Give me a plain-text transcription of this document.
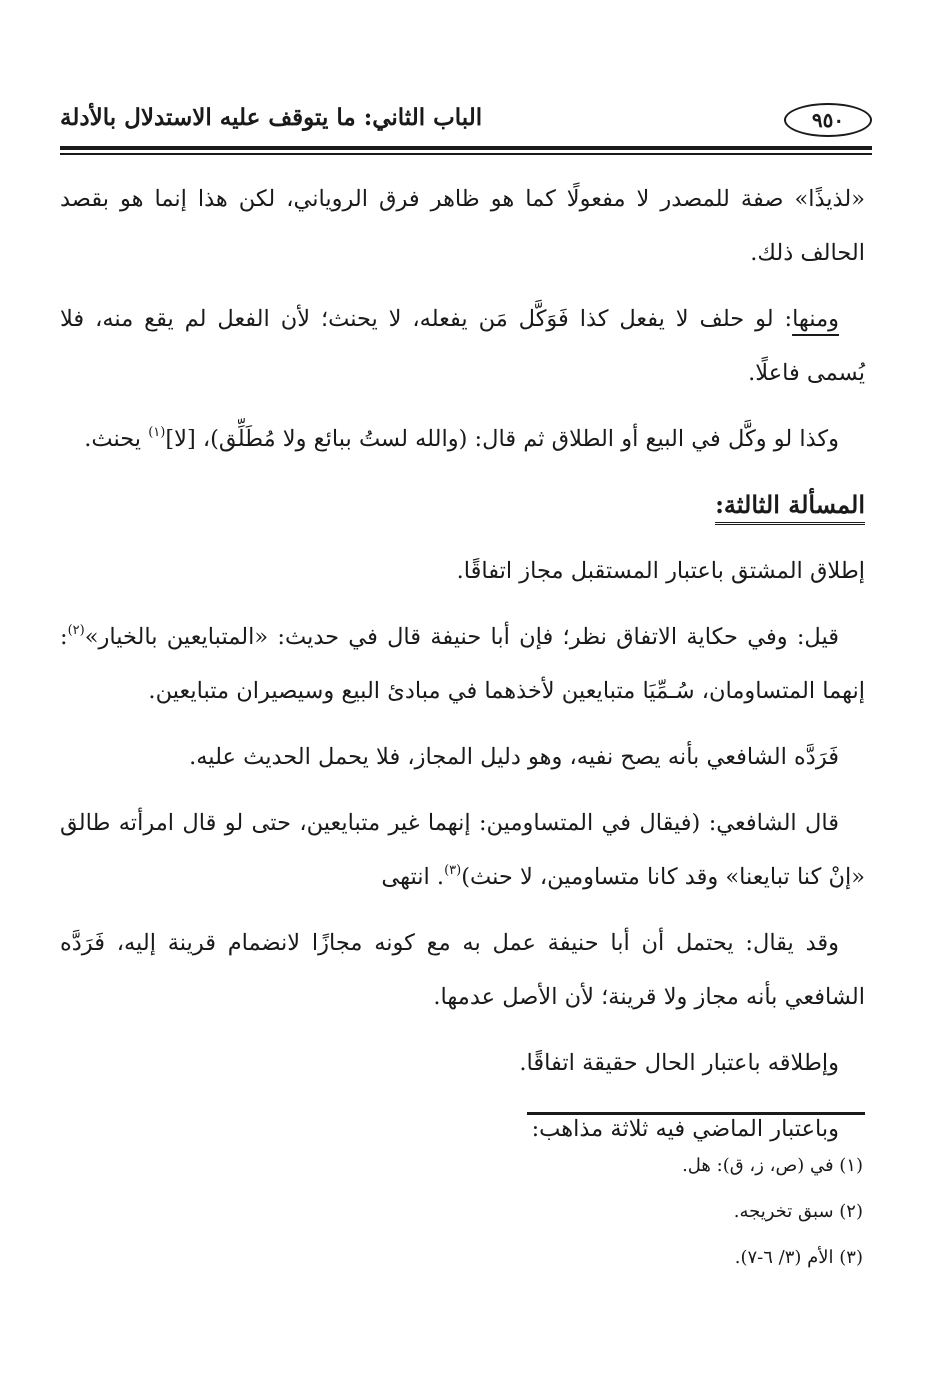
٩٥٠
الباب الثاني: ما يتوقف عليه الاستدلال بالأدلة

«لذيذًا» صفة للمصدر لا مفعولًا كما هو ظاهر فرق الروياني، لكن هذا إنما هو بقصد الحالف ذلك.

ومنها: لو حلف لا يفعل كذا فَوَكَّل مَن يفعله، لا يحنث؛ لأن الفعل لم يقع منه، فلا يُسمى فاعلًا.

وكذا لو وكَّل في البيع أو الطلاق ثم قال: (والله لستُ ببائع ولا مُطَلِّق)، [لا]$^{(١)}$ يحنث.

المسألة الثالثة:

إطلاق المشتق باعتبار المستقبل مجاز اتفاقًا.

قيل: وفي حكاية الاتفاق نظر؛ فإن أبا حنيفة قال في حديث: «المتبايعين بالخيار»$^{(٢)}$: إنهما المتساومان، سُـمِّيَا متبايعين لأخذهما في مبادئ البيع وسيصيران متبايعين.

فَرَدَّه الشافعي بأنه يصح نفيه، وهو دليل المجاز، فلا يحمل الحديث عليه.

قال الشافعي: (فيقال في المتساومين: إنهما غير متبايعين، حتى لو قال امرأته طالق «إنْ كنا تبايعنا» وقد كانا متساومين، لا حنث)$^{(٣)}$. انتهى

وقد يقال: يحتمل أن أبا حنيفة عمل به مع كونه مجازًا لانضمام قرينة إليه، فَرَدَّه الشافعي بأنه مجاز ولا قرينة؛ لأن الأصل عدمها.

وإطلاقه باعتبار الحال حقيقة اتفاقًا.

وباعتبار الماضي فيه ثلاثة مذاهب:

(١) في (ص، ز، ق): هل.
(٢) سبق تخريجه.
(٣) الأم (٣/ ٦-٧).
